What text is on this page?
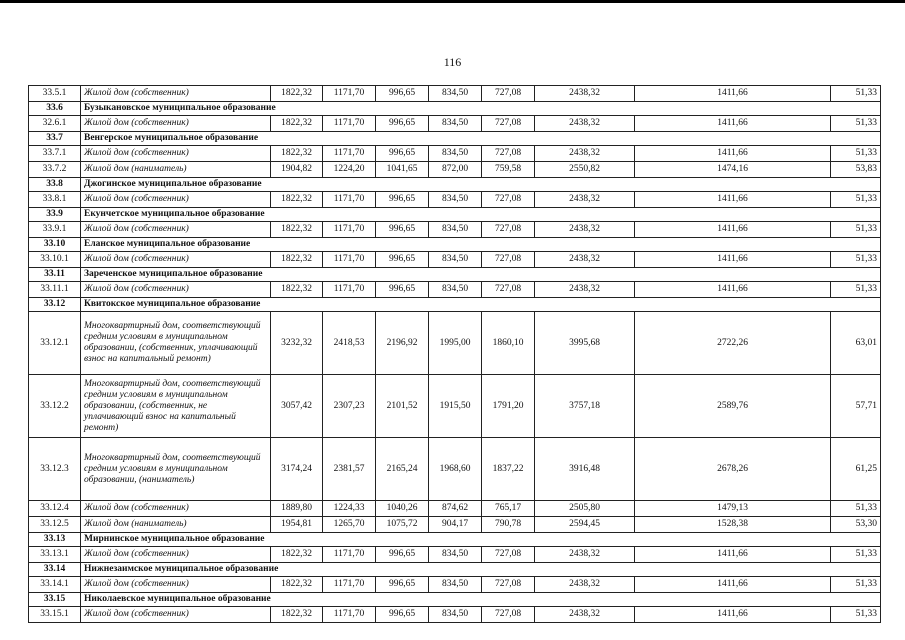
116
33.5.1	Жилой дом (собственник)	1822,32	1171,70	996,65	834,50	727,08	2438,32	1411,66	51,33
33.6	Бузыкановское муниципальное образование								
32.6.1	Жилой дом (собственник)	1822,32	1171,70	996,65	834,50	727,08	2438,32	1411,66	51,33
33.7	Венгерское муниципальное образование								
33.7.1	Жилой дом (собственник)	1822,32	1171,70	996,65	834,50	727,08	2438,32	1411,66	51,33
33.7.2	Жилой дом (наниматель)	1904,82	1224,20	1041,65	872,00	759,58	2550,82	1474,16	53,83
33.8	Джогинское муниципальное образование								
33.8.1	Жилой дом (собственник)	1822,32	1171,70	996,65	834,50	727,08	2438,32	1411,66	51,33
33.9	Екунчетское муниципальное образование								
33.9.1	Жилой дом (собственник)	1822,32	1171,70	996,65	834,50	727,08	2438,32	1411,66	51,33
33.10	Еланское муниципальное образование								
33.10.1	Жилой дом (собственник)	1822,32	1171,70	996,65	834,50	727,08	2438,32	1411,66	51,33
33.11	Зареченское муниципальное образование								
33.11.1	Жилой дом (собственник)	1822,32	1171,70	996,65	834,50	727,08	2438,32	1411,66	51,33
33.12	Квитокское муниципальное образование								
33.12.1	Многоквартирный дом, соответствующий средним условиям в муниципальном образовании, (собственник, уплачивающий взнос на капитальный ремонт)	3232,32	2418,53	2196,92	1995,00	1860,10	3995,68	2722,26	63,01
33.12.2	Многоквартирный дом, соответствующий средним условиям в муниципальном образовании, (собственник, не уплачивающий взнос на капитальный ремонт)	3057,42	2307,23	2101,52	1915,50	1791,20	3757,18	2589,76	57,71
33.12.3	Многоквартирный дом, соответствующий средним условиям в муниципальном образовании, (наниматель)	3174,24	2381,57	2165,24	1968,60	1837,22	3916,48	2678,26	61,25
33.12.4	Жилой дом (собственник)	1889,80	1224,33	1040,26	874,62	765,17	2505,80	1479,13	51,33
33.12.5	Жилой дом (наниматель)	1954,81	1265,70	1075,72	904,17	790,78	2594,45	1528,38	53,30
33.13	Мирнинское муниципальное образование								
33.13.1	Жилой дом (собственник)	1822,32	1171,70	996,65	834,50	727,08	2438,32	1411,66	51,33
33.14	Нижнезаимское муниципальное образование								
33.14.1	Жилой дом (собственник)	1822,32	1171,70	996,65	834,50	727,08	2438,32	1411,66	51,33
33.15	Николаевское муниципальное образование								
33.15.1	Жилой дом (собственник)	1822,32	1171,70	996,65	834,50	727,08	2438,32	1411,66	51,33
